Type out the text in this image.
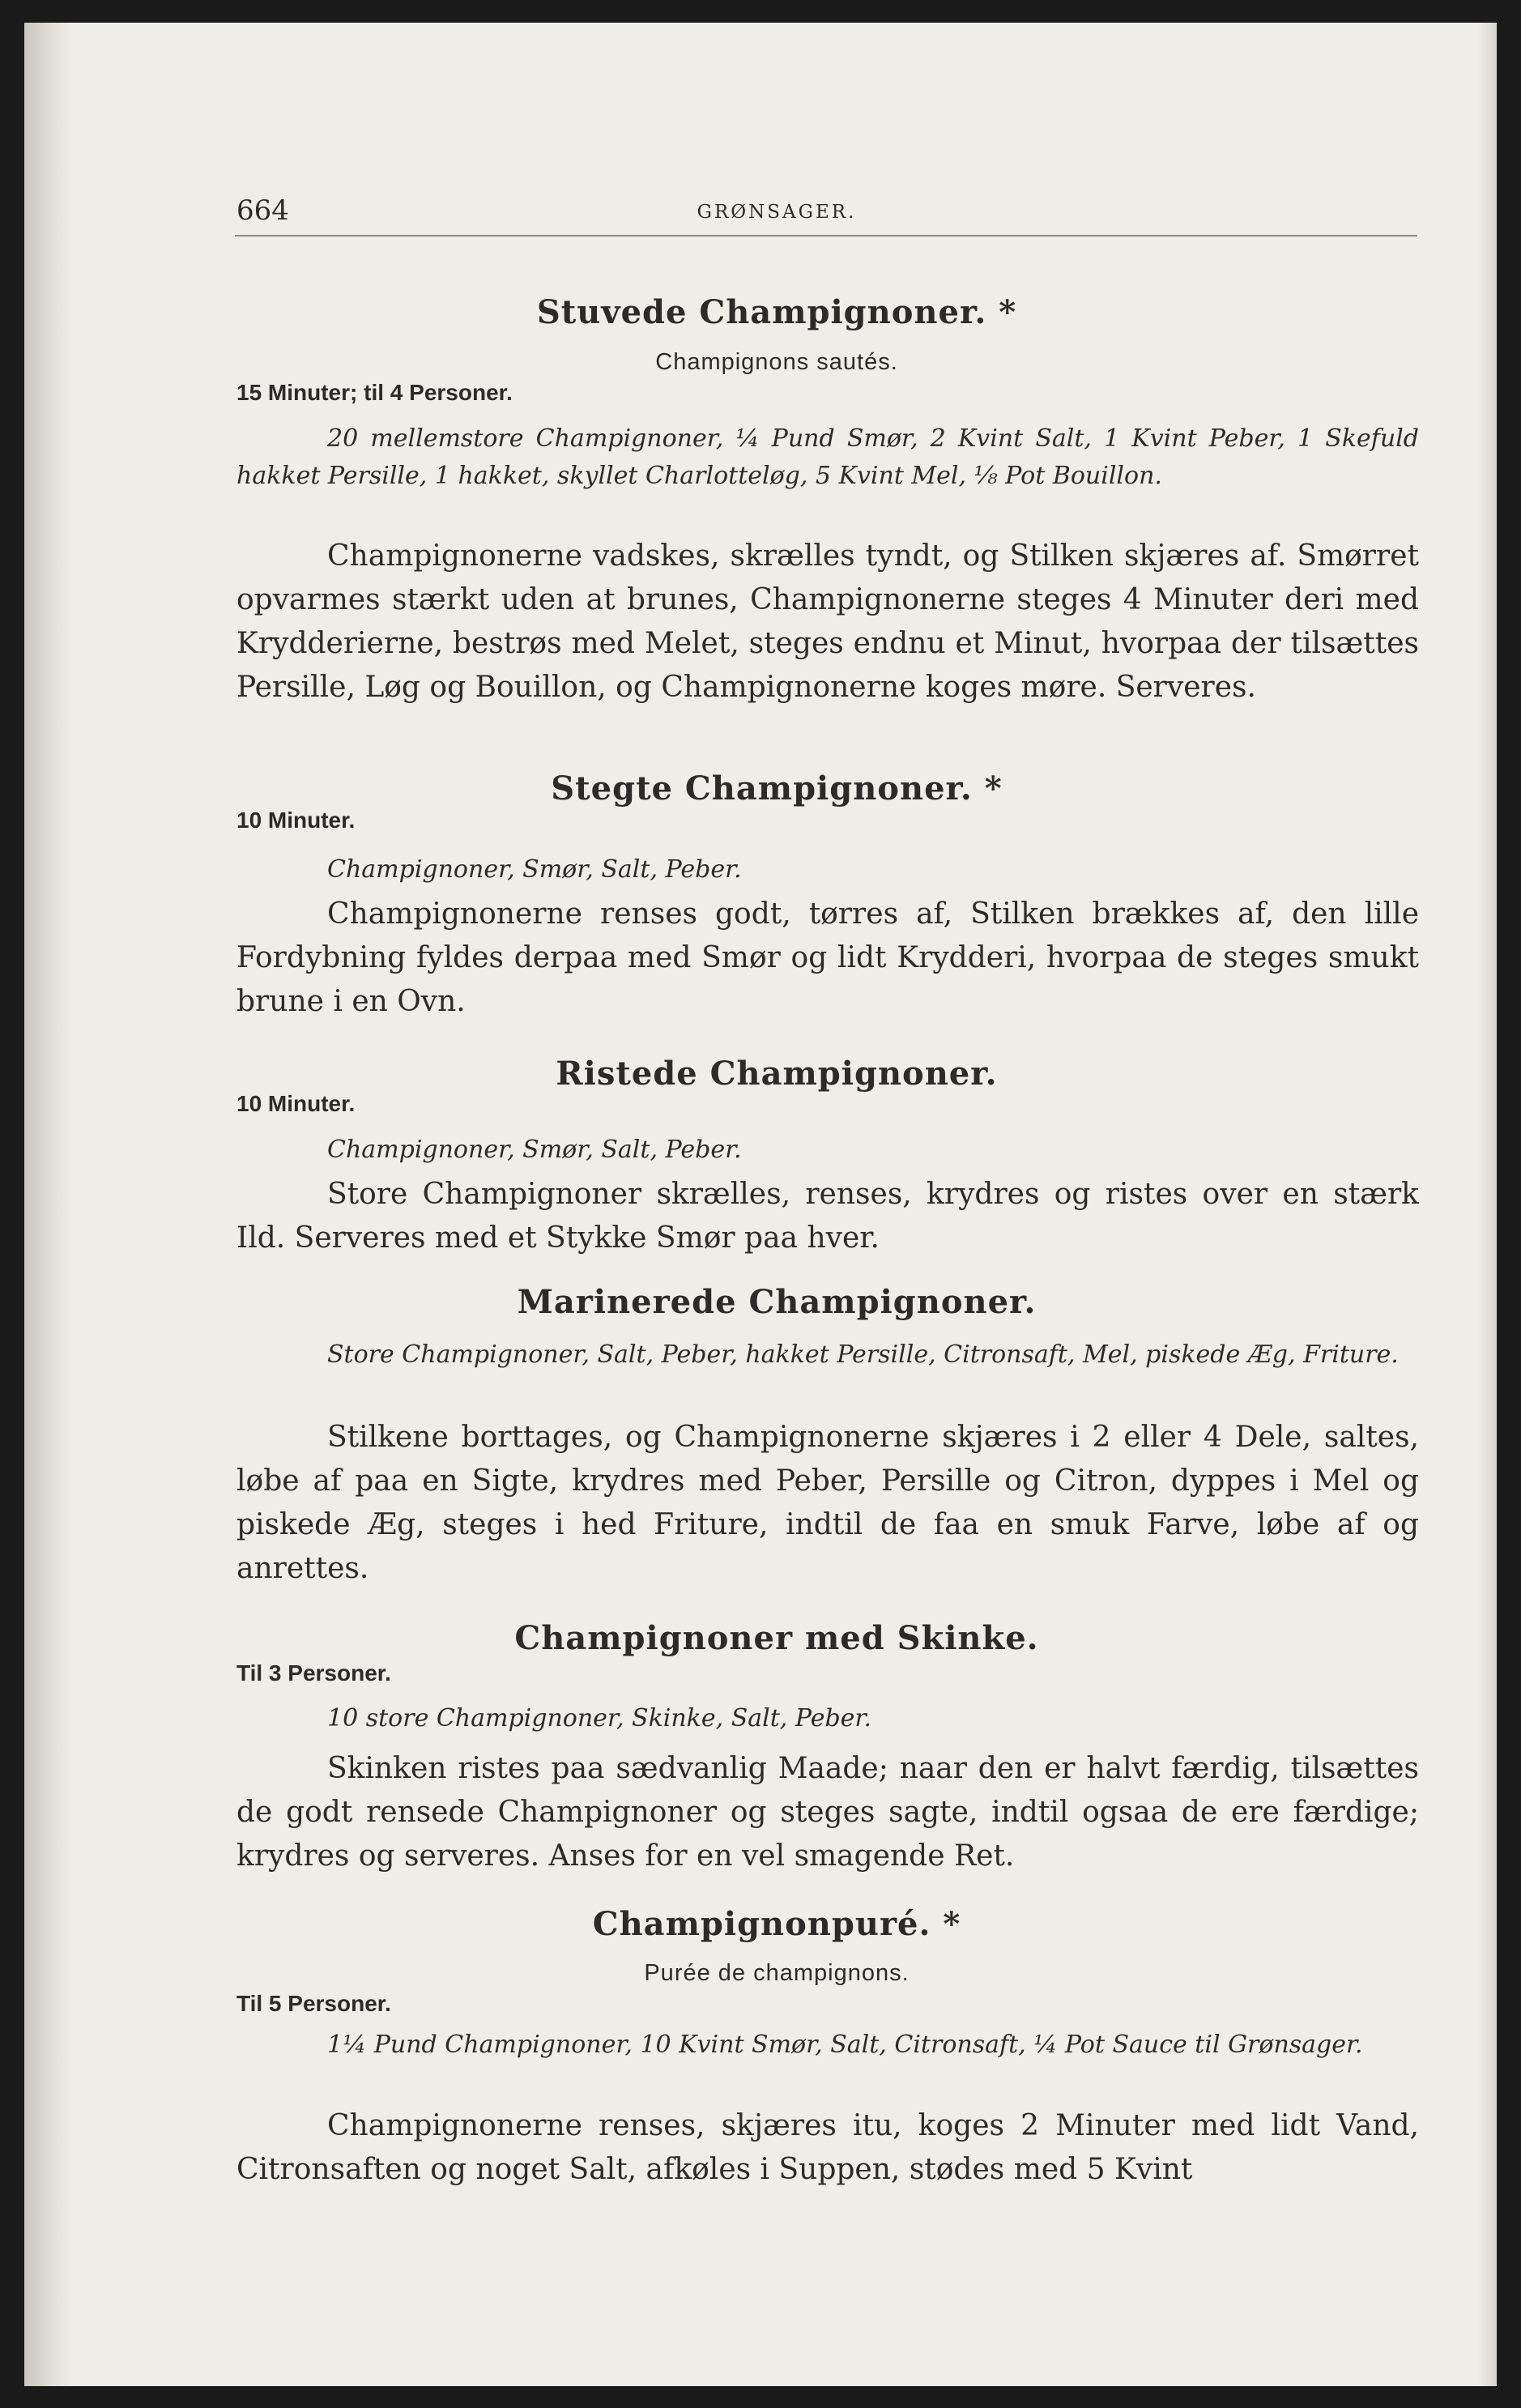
664	GRØNSAGER.
Stuvede Champignoner. *
Champignons sautés.
15 Minuter; til 4 Personer.
20 mellemstore Champignoner, ¼ Pund Smør, 2 Kvint Salt, 1 Kvint Peber, 1 Skefuld hakket Persille, 1 hakket, skyllet Charlotteløg, 5 Kvint Mel, ⅛ Pot Bouillon.
Champignonerne vadskes, skrælles tyndt, og Stilken skjæres af. Smørret opvarmes stærkt uden at brunes, Champignonerne steges 4 Minuter deri med Krydderierne, bestrøs med Melet, steges endnu et Minut, hvorpaa der tilsættes Persille, Løg og Bouillon, og Champignonerne koges møre. Serveres.
Stegte Champignoner. *
10 Minuter.
Champignoner, Smør, Salt, Peber.
Champignonerne renses godt, tørres af, Stilken brækkes af, den lille Fordybning fyldes derpaa med Smør og lidt Krydderi, hvorpaa de steges smukt brune i en Ovn.
Ristede Champignoner.
10 Minuter.
Champignoner, Smør, Salt, Peber.
Store Champignoner skrælles, renses, krydres og ristes over en stærk Ild. Serveres med et Stykke Smør paa hver.
Marinerede Champignoner.
Store Champignoner, Salt, Peber, hakket Persille, Citronsaft, Mel, piskede Æg, Friture.
Stilkene borttages, og Champignonerne skjæres i 2 eller 4 Dele, saltes, løbe af paa en Sigte, krydres med Peber, Persille og Citron, dyppes i Mel og piskede Æg, steges i hed Friture, indtil de faa en smuk Farve, løbe af og anrettes.
Champignoner med Skinke.
Til 3 Personer.
10 store Champignoner, Skinke, Salt, Peber.
Skinken ristes paa sædvanlig Maade; naar den er halvt færdig, tilsættes de godt rensede Champignoner og steges sagte, indtil ogsaa de ere færdige; krydres og serveres. Anses for en vel smagende Ret.
Champignonpuré. *
Purée de champignons.
Til 5 Personer.
1¼ Pund Champignoner, 10 Kvint Smør, Salt, Citronsaft, ¼ Pot Sauce til Grønsager.
Champignonerne renses, skjæres itu, koges 2 Minuter med lidt Vand, Citronsaften og noget Salt, afkøles i Suppen, stødes med 5 Kvint
